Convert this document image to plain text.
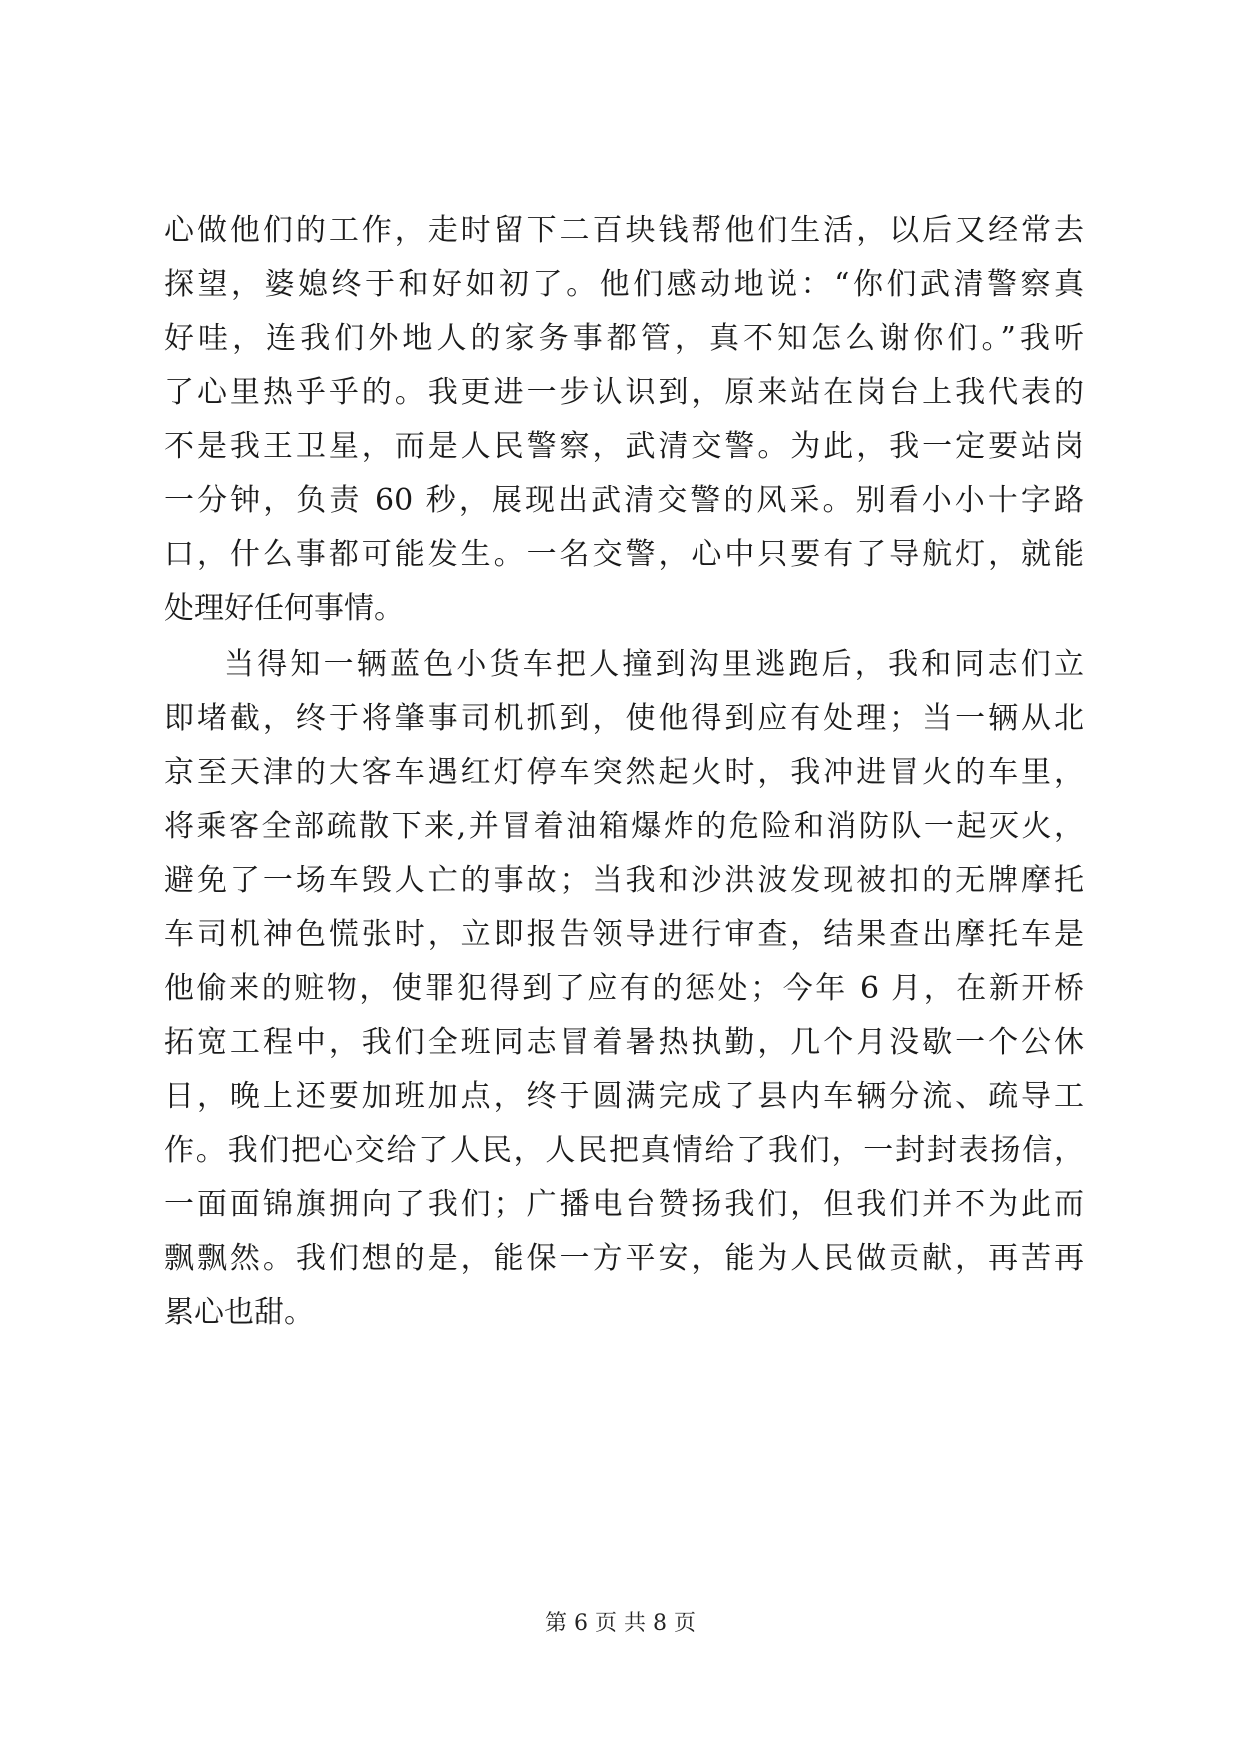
心做他们的工作，走时留下二百块钱帮他们生活，以后又经常去
探望，婆媳终于和好如初了。他们感动地说：“你们武清警察真
好哇，连我们外地人的家务事都管，真不知怎么谢你们。”我听
了心里热乎乎的。我更进一步认识到，原来站在岗台上我代表的
不是我王卫星，而是人民警察，武清交警。为此，我一定要站岗
一分钟，负责 60 秒，展现出武清交警的风采。别看小小十字路
口，什么事都可能发生。一名交警，心中只要有了导航灯，就能
处理好任何事情。
当得知一辆蓝色小货车把人撞到沟里逃跑后，我和同志们立
即堵截，终于将肇事司机抓到，使他得到应有处理；当一辆从北
京至天津的大客车遇红灯停车突然起火时，我冲进冒火的车里，
将乘客全部疏散下来,并冒着油箱爆炸的危险和消防队一起灭火，
避免了一场车毁人亡的事故；当我和沙洪波发现被扣的无牌摩托
车司机神色慌张时，立即报告领导进行审查，结果查出摩托车是
他偷来的赃物，使罪犯得到了应有的惩处；今年 6 月，在新开桥
拓宽工程中，我们全班同志冒着暑热执勤，几个月没歇一个公休
日，晚上还要加班加点，终于圆满完成了县内车辆分流、疏导工
作。我们把心交给了人民，人民把真情给了我们，一封封表扬信，
一面面锦旗拥向了我们；广播电台赞扬我们，但我们并不为此而
飘飘然。我们想的是，能保一方平安，能为人民做贡献，再苦再
累心也甜。
第 6 页 共 8 页
